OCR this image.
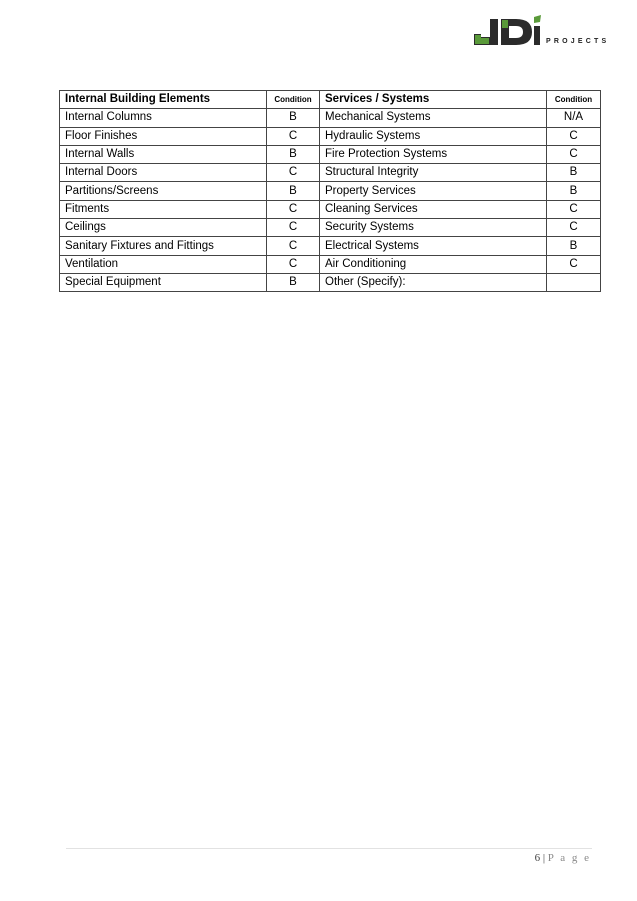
PROJECTS
Internal Building Elements	Condition	Services / Systems	Condition
Internal Columns	B	Mechanical Systems	N/A
Floor Finishes	C	Hydraulic Systems	C
Internal Walls	B	Fire Protection Systems	C
Internal Doors	C	Structural Integrity	B
Partitions/Screens	B	Property Services	B
Fitments	C	Cleaning Services	C
Ceilings	C	Security Systems	C
Sanitary Fixtures and Fittings	C	Electrical Systems	B
Ventilation	C	Air Conditioning	C
Special Equipment	B	Other (Specify):	
6 | P a g e
